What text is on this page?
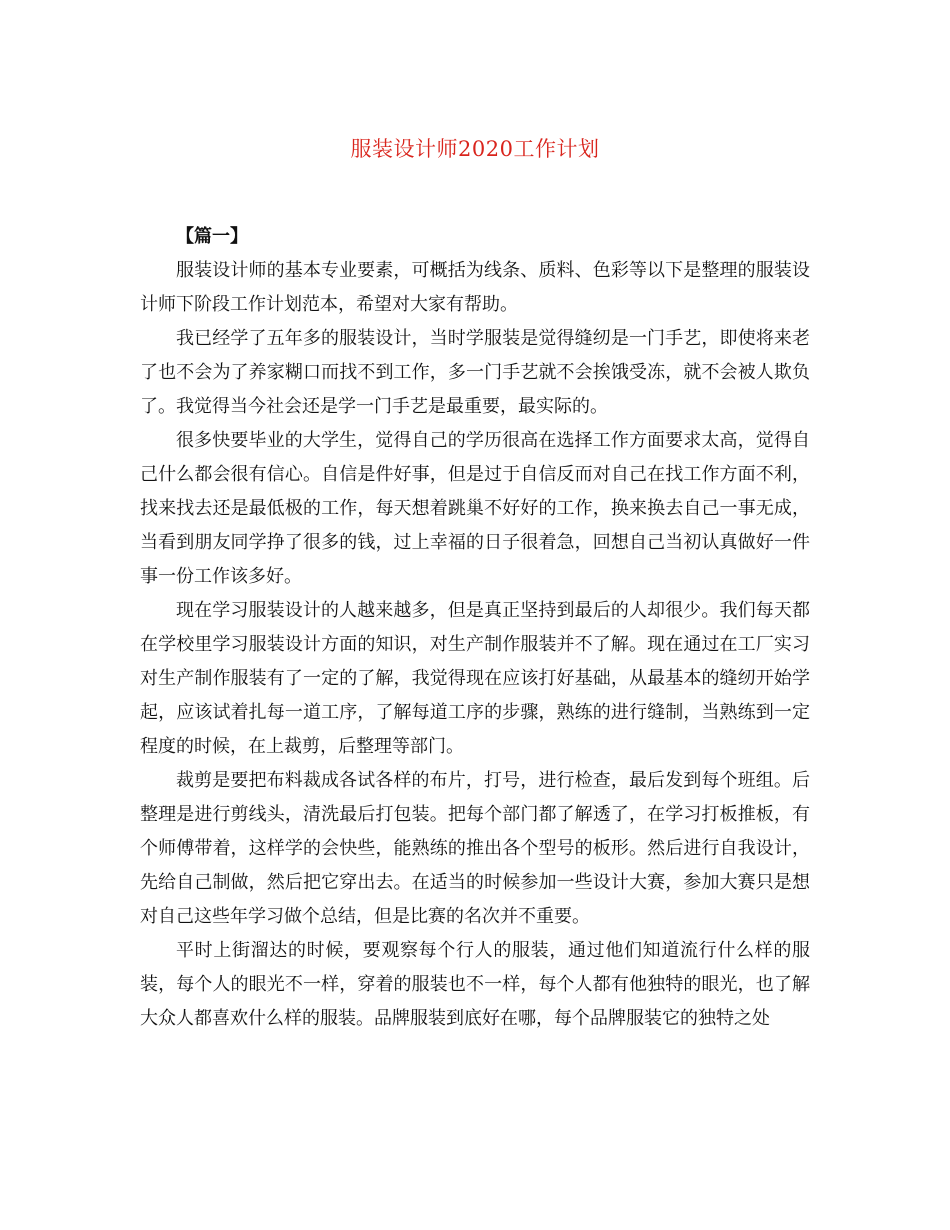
服装设计师2020工作计划

【篇一】

服装设计师的基本专业要素，可概括为线条、质料、色彩等以下是整理的服装设计师下阶段工作计划范本，希望对大家有帮助。

我已经学了五年多的服装设计，当时学服装是觉得缝纫是一门手艺，即使将来老了也不会为了养家糊口而找不到工作，多一门手艺就不会挨饿受冻，就不会被人欺负了。我觉得当今社会还是学一门手艺是最重要，最实际的。

很多快要毕业的大学生，觉得自己的学历很高在选择工作方面要求太高，觉得自己什么都会很有信心。自信是件好事，但是过于自信反而对自己在找工作方面不利，找来找去还是最低极的工作，每天想着跳巢不好好的工作，换来换去自己一事无成，当看到朋友同学挣了很多的钱，过上幸福的日子很着急，回想自己当初认真做好一件事一份工作该多好。

现在学习服装设计的人越来越多，但是真正坚持到最后的人却很少。我们每天都在学校里学习服装设计方面的知识，对生产制作服装并不了解。现在通过在工厂实习对生产制作服装有了一定的了解，我觉得现在应该打好基础，从最基本的缝纫开始学起，应该试着扎每一道工序，了解每道工序的步骤，熟练的进行缝制，当熟练到一定程度的时候，在上裁剪，后整理等部门。

裁剪是要把布料裁成各试各样的布片，打号，进行检查，最后发到每个班组。后整理是进行剪线头，清洗最后打包装。把每个部门都了解透了，在学习打板推板，有个师傅带着，这样学的会快些，能熟练的推出各个型号的板形。然后进行自我设计，先给自己制做，然后把它穿出去。在适当的时候参加一些设计大赛，参加大赛只是想对自己这些年学习做个总结，但是比赛的名次并不重要。

平时上街溜达的时候，要观察每个行人的服装，通过他们知道流行什么样的服装，每个人的眼光不一样，穿着的服装也不一样，每个人都有他独特的眼光，也了解大众人都喜欢什么样的服装。品牌服装到底好在哪，每个品牌服装它的独特之处
